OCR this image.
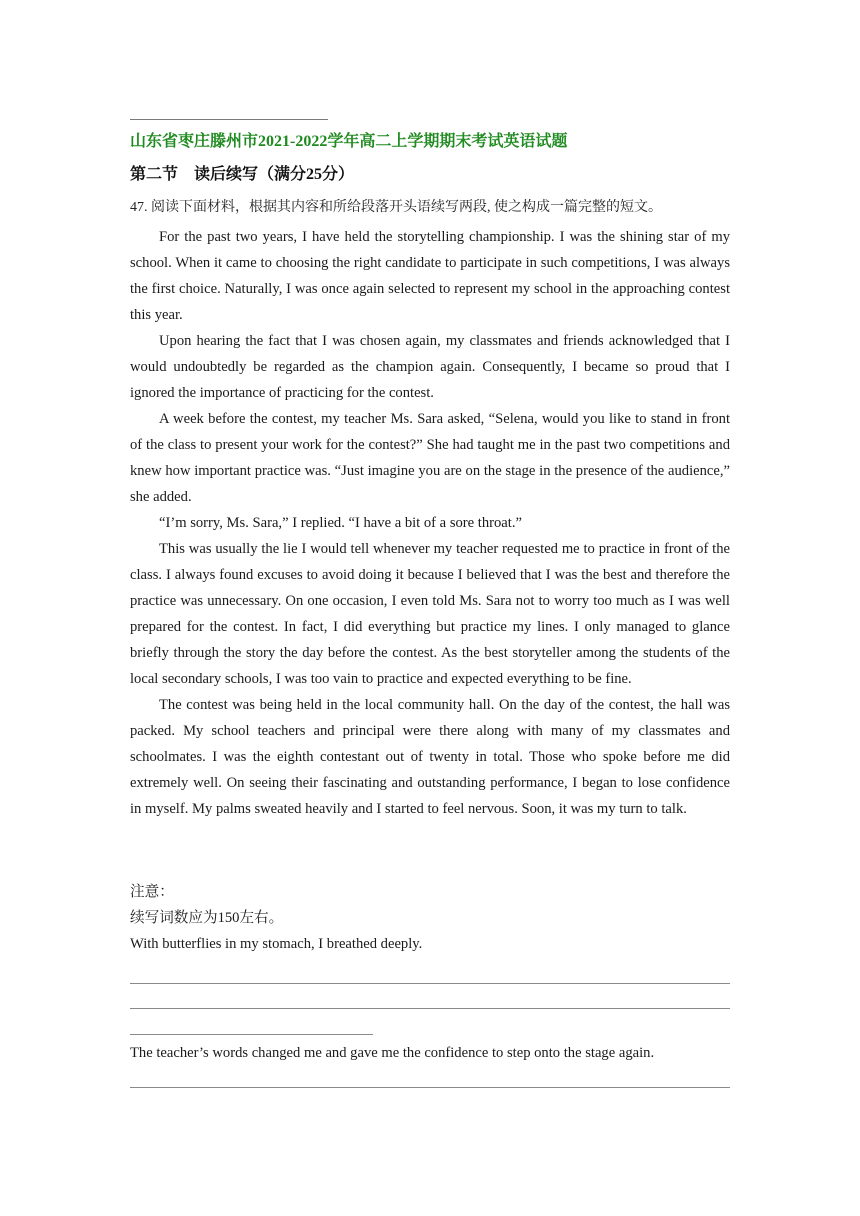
山东省枣庄滕州市2021-2022学年高二上学期期末考试英语试题
第二节　读后续写（满分25分）
47. 阅读下面材料，根据其内容和所给段落开头语续写两段, 使之构成一篇完整的短文。

For the past two years, I have held the storytelling championship. I was the shining star of my school. When it came to choosing the right candidate to participate in such competitions, I was always the first choice. Naturally, I was once again selected to represent my school in the approaching contest this year.

Upon hearing the fact that I was chosen again, my classmates and friends acknowledged that I would undoubtedly be regarded as the champion again. Consequently, I became so proud that I ignored the importance of practicing for the contest.

A week before the contest, my teacher Ms. Sara asked, “Selena, would you like to stand in front of the class to present your work for the contest?” She had taught me in the past two competitions and knew how important practice was. “Just imagine you are on the stage in the presence of the audience,” she added.

“I’m sorry, Ms. Sara,” I replied. “I have a bit of a sore throat.”

This was usually the lie I would tell whenever my teacher requested me to practice in front of the class. I always found excuses to avoid doing it because I believed that I was the best and therefore the practice was unnecessary. On one occasion, I even told Ms. Sara not to worry too much as I was well prepared for the contest. In fact, I did everything but practice my lines. I only managed to glance briefly through the story the day before the contest. As the best storyteller among the students of the local secondary schools, I was too vain to practice and expected everything to be fine.

The contest was being held in the local community hall. On the day of the contest, the hall was packed. My school teachers and principal were there along with many of my classmates and schoolmates. I was the eighth contestant out of twenty in total. Those who spoke before me did extremely well. On seeing their fascinating and outstanding performance, I began to lose confidence in myself. My palms sweated heavily and I started to feel nervous. Soon, it was my turn to talk.

注意：
续写词数应为150左右。
With butterflies in my stomach, I breathed deeply.
The teacher’s words changed me and gave me the confidence to step onto the stage again.
